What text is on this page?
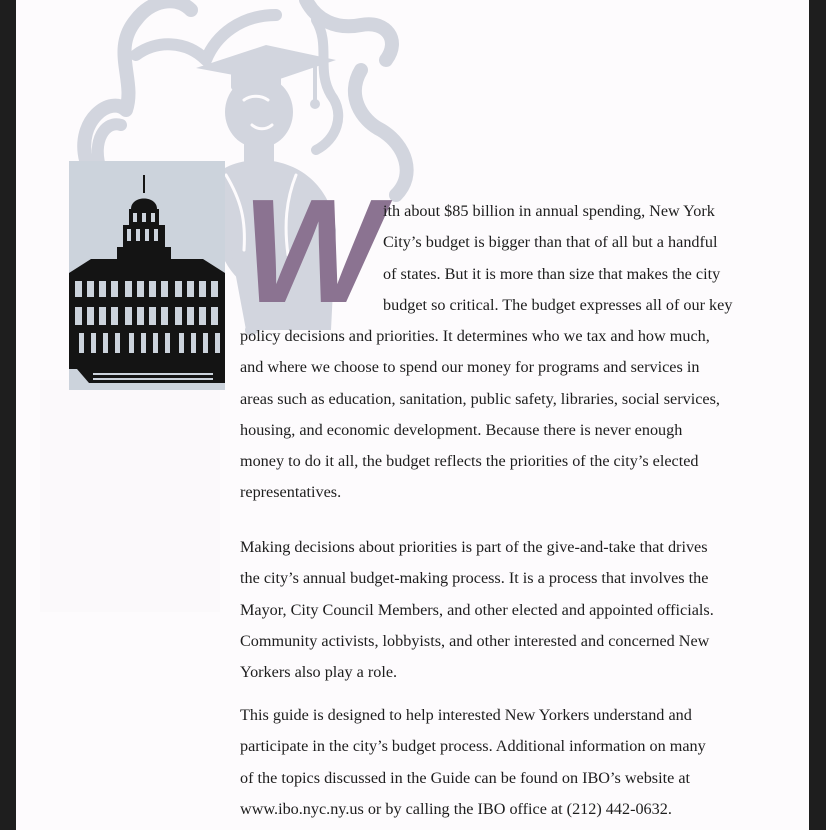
W ith about $85 billion in annual spending, New York
City’s budget is bigger than that of all but a handful
of states. But it is more than size that makes the city
budget so critical. The budget expresses all of our key
policy decisions and priorities. It determines who we tax and how much,
and where we choose to spend our money for programs and services in
areas such as education, sanitation, public safety, libraries, social services,
housing, and economic development. Because there is never enough
money to do it all, the budget reflects the priorities of the city’s elected
representatives.
Making decisions about priorities is part of the give-and-take that drives
the city’s annual budget-making process. It is a process that involves the
Mayor, City Council Members, and other elected and appointed officials.
Community activists, lobbyists, and other interested and concerned New
Yorkers also play a role.
This guide is designed to help interested New Yorkers understand and
participate in the city’s budget process. Additional information on many
of the topics discussed in the Guide can be found on IBO’s website at
www.ibo.nyc.ny.us or by calling the IBO office at (212) 442-0632.
